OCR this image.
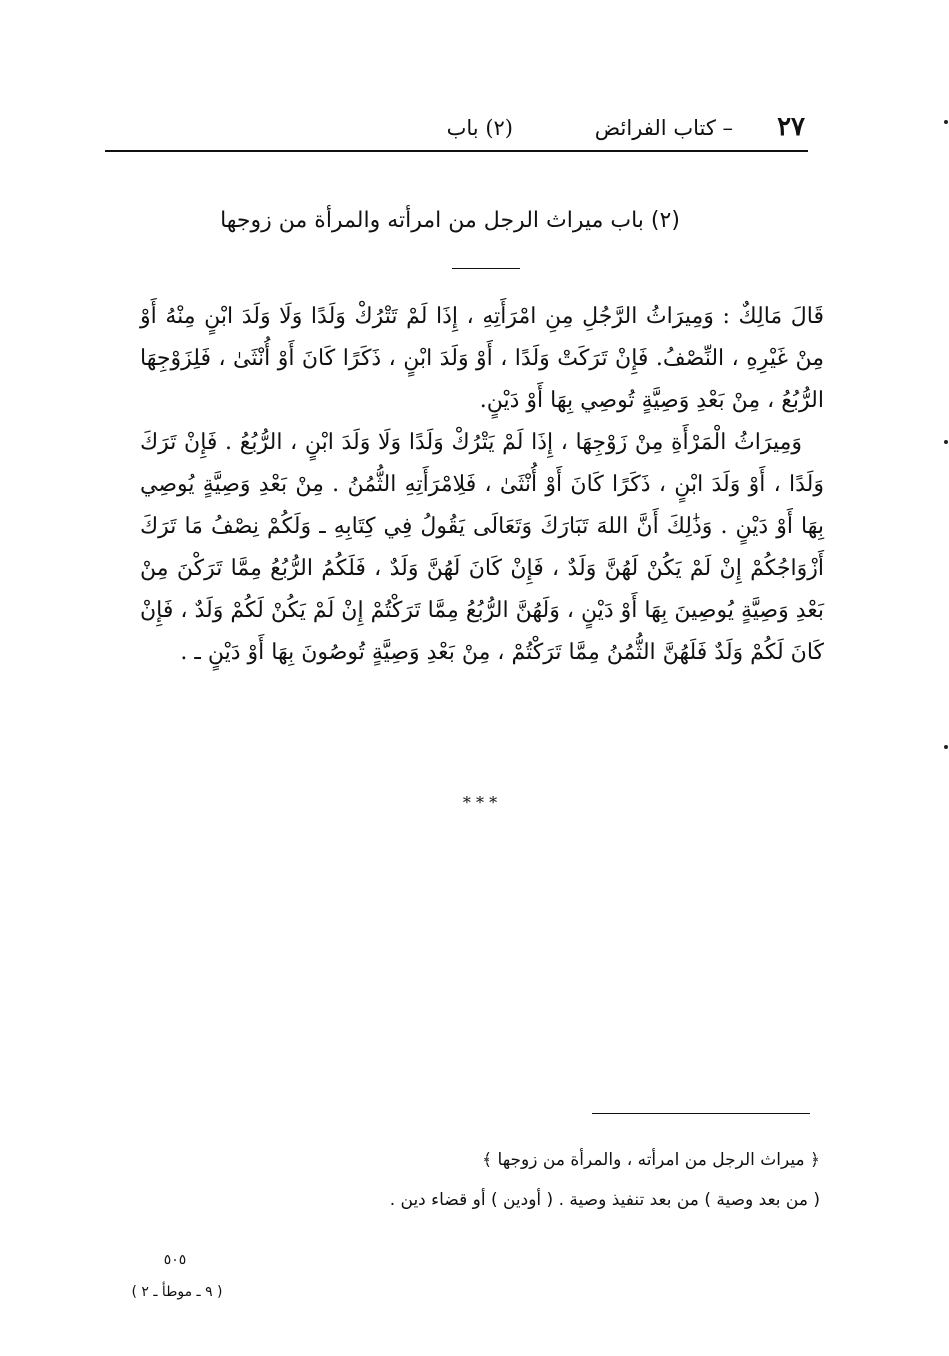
٢٧
– كتاب الفرائض
(٢) باب
(٢) باب ميراث الرجل من امرأته والمرأة من زوجها

قَالَ مَالِكٌ : وَمِيرَاثُ الرَّجُلِ مِنِ امْرَأَتِهِ ، إِذَا لَمْ تَتْرُكْ وَلَدًا وَلَا وَلَدَ ابْنٍ مِنْهُ أَوْ مِنْ غَيْرِهِ ، النِّصْفُ. فَإِنْ تَرَكَتْ وَلَدًا ، أَوْ وَلَدَ ابْنٍ ، ذَكَرًا كَانَ أَوْ أُنْثَىٰ ، فَلِزَوْجِهَا الرُّبُعُ ، مِنْ بَعْدِ وَصِيَّةٍ تُوصِي بِهَا أَوْ دَيْنٍ.

وَمِيرَاثُ الْمَرْأَةِ مِنْ زَوْجِهَا ، إِذَا لَمْ يَتْرُكْ وَلَدًا وَلَا وَلَدَ ابْنٍ ، الرُّبُعُ . فَإِنْ تَرَكَ وَلَدًا ، أَوْ وَلَدَ ابْنٍ ، ذَكَرًا كَانَ أَوْ أُنْثَىٰ ، فَلِامْرَأَتِهِ الثُّمُنُ . مِنْ بَعْدِ وَصِيَّةٍ يُوصِي بِهَا أَوْ دَيْنٍ . وَذَٰلِكَ أَنَّ اللهَ تَبَارَكَ وَتَعَالَى يَقُولُ فِي كِتَابِهِ ـ وَلَكُمْ نِصْفُ مَا تَرَكَ أَزْوَاجُكُمْ إِنْ لَمْ يَكُنْ لَهُنَّ وَلَدٌ ، فَإِنْ كَانَ لَهُنَّ وَلَدٌ ، فَلَكُمُ الرُّبُعُ مِمَّا تَرَكْنَ مِنْ بَعْدِ وَصِيَّةٍ يُوصِينَ بِهَا أَوْ دَيْنٍ ، وَلَهُنَّ الرُّبُعُ مِمَّا تَرَكْتُمْ إِنْ لَمْ يَكُنْ لَكُمْ وَلَدٌ ، فَإِنْ كَانَ لَكُمْ وَلَدٌ فَلَهُنَّ الثُّمُنُ مِمَّا تَرَكْتُمْ ، مِنْ بَعْدِ وَصِيَّةٍ تُوصُونَ بِهَا أَوْ دَيْنٍ ـ .

* * *
﴿ ميراث الرجل من امرأته ، والمرأة من زوجها ﴾
( من بعد وصية ) من بعد تنفيذ وصية . ( أودين ) أو قضاء دين .
٥٠٥
( ٩ ـ موطأ ـ ٢ )
